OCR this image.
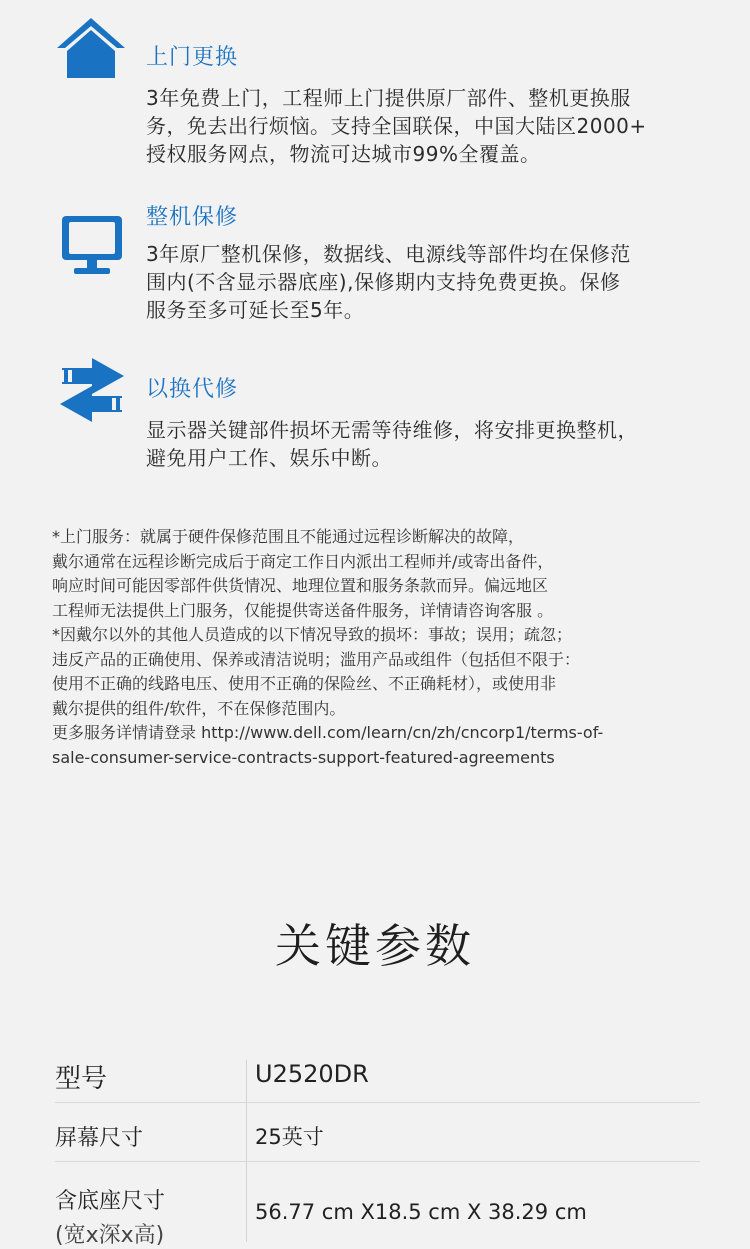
上门更换
3年免费上门，工程师上门提供原厂部件、整机更换服
务，免去出行烦恼。支持全国联保，中国大陆区2000+
授权服务网点，物流可达城市99%全覆盖。
整机保修
3年原厂整机保修，数据线、电源线等部件均在保修范
围内(不含显示器底座),保修期内支持免费更换。保修
服务至多可延长至5年。
以换代修
显示器关键部件损坏无需等待维修，将安排更换整机，
避免用户工作、娱乐中断。

*上门服务：就属于硬件保修范围且不能通过远程诊断解决的故障，

戴尔通常在远程诊断完成后于商定工作日内派出工程师并/或寄出备件，

响应时间可能因零部件供货情况、地理位置和服务条款而异。偏远地区

工程师无法提供上门服务，仅能提供寄送备件服务，详情请咨询客服 。

*因戴尔以外的其他人员造成的以下情况导致的损坏：事故；误用；疏忽；

违反产品的正确使用、保养或清洁说明；滥用产品或组件（包括但不限于：

使用不正确的线路电压、使用不正确的保险丝、不正确耗材），或使用非

戴尔提供的组件/软件，不在保修范围内。

更多服务详情请登录 http://www.dell.com/learn/cn/zh/cncorp1/terms-of-

sale-consumer-service-contracts-support-featured-agreements

关键参数
型号	U2520DR
屏幕尺寸	25英寸
含底座尺寸
(宽x深x高)
56.77 cm X18.5 cm X 38.29 cm
